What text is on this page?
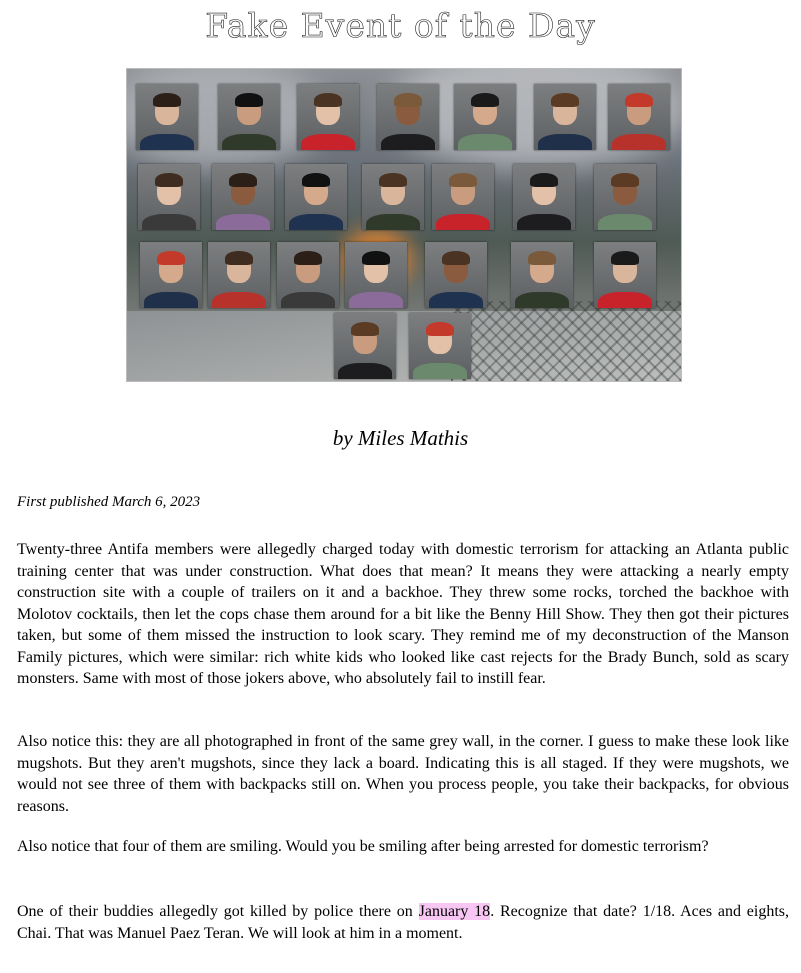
Fake Event of the Day
by Miles Mathis
First published March 6, 2023

Twenty-three Antifa members were allegedly charged today with domestic terrorism for attacking an Atlanta public training center that was under construction. What does that mean? It means they were attacking a nearly empty construction site with a couple of trailers on it and a backhoe. They threw some rocks, torched the backhoe with Molotov cocktails, then let the cops chase them around for a bit like the Benny Hill Show. They then got their pictures taken, but some of them missed the instruction to look scary. They remind me of my deconstruction of the Manson Family pictures, which were similar: rich white kids who looked like cast rejects for the Brady Bunch, sold as scary monsters. Same with most of those jokers above, who absolutely fail to instill fear.

Also notice this: they are all photographed in front of the same grey wall, in the corner. I guess to make these look like mugshots. But they aren't mugshots, since they lack a board. Indicating this is all staged. If they were mugshots, we would not see three of them with backpacks still on. When you process people, you take their backpacks, for obvious reasons.

Also notice that four of them are smiling. Would you be smiling after being arrested for domestic terrorism?

One of their buddies allegedly got killed by police there on January 18. Recognize that date? 1/18. Aces and eights, Chai. That was Manuel Paez Teran. We will look at him in a moment.
